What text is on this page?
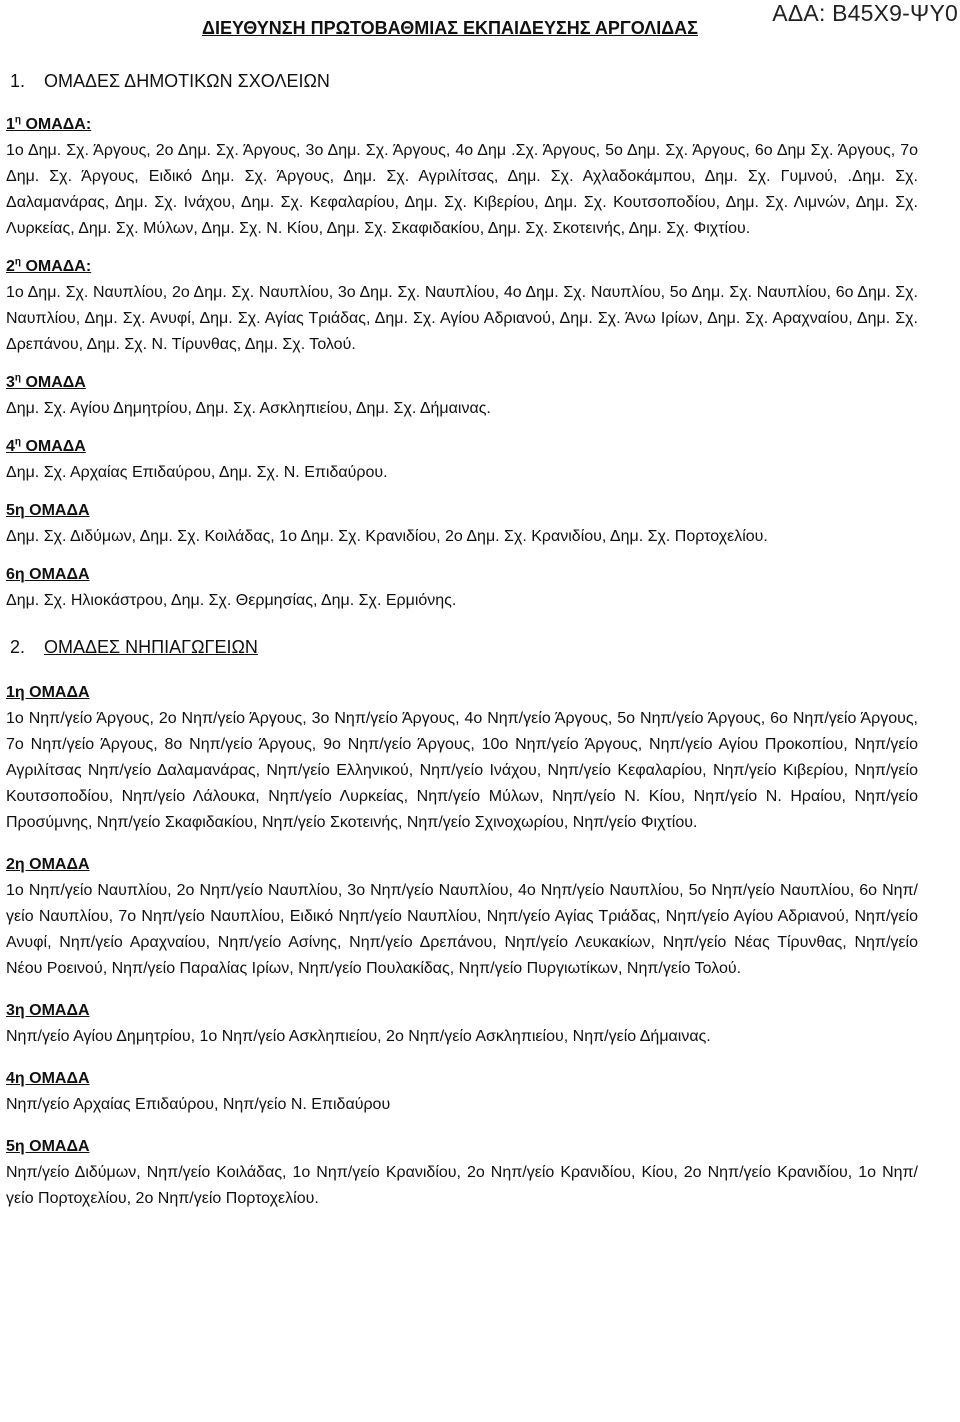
ΑΔΑ: Β45Χ9-ΨΥ0
ΔΙΕΥΘΥΝΣΗ ΠΡΩΤΟΒΑΘΜΙΑΣ ΕΚΠΑΙΔΕΥΣΗΣ ΑΡΓΟΛΙΔΑΣ
1.	ΟΜΑΔΕΣ ΔΗΜΟΤΙΚΩΝ ΣΧΟΛΕΙΩΝ
$1^\eta$ ΟΜΑΔΑ:
1ο Δημ. Σχ. Άργους, 2ο Δημ. Σχ. Άργους, 3ο Δημ. Σχ. Άργους, 4ο Δημ .Σχ. Άργους, 5ο Δημ. Σχ. Άργους, 6ο Δημ Σχ. Άργους, 7ο Δημ. Σχ. Άργους, Ειδικό Δημ. Σχ. Άργους, Δημ. Σχ. Αγριλίτσας, Δημ. Σχ. Αχλαδοκάμπου, Δημ. Σχ. Γυμνού, .Δημ. Σχ. Δαλαμανάρας, Δημ. Σχ. Ινάχου, Δημ. Σχ. Κεφαλαρίου, Δημ. Σχ. Κιβερίου, Δημ. Σχ. Κουτσοποδίου, Δημ. Σχ. Λιμνών, Δημ. Σχ. Λυρκείας, Δημ. Σχ. Μύλων, Δημ. Σχ. Ν. Κίου, Δημ. Σχ. Σκαφιδακίου, Δημ. Σχ. Σκοτεινής, Δημ. Σχ. Φιχτίου.
$2^\eta$ ΟΜΑΔΑ:
1ο Δημ. Σχ. Ναυπλίου, 2ο Δημ. Σχ. Ναυπλίου, 3ο Δημ. Σχ. Ναυπλίου, 4ο Δημ. Σχ. Ναυπλίου, 5ο Δημ. Σχ. Ναυπλίου, 6ο Δημ. Σχ. Ναυπλίου, Δημ. Σχ. Ανυφί, Δημ. Σχ. Αγίας Τριάδας, Δημ. Σχ. Αγίου Αδριανού, Δημ. Σχ. Άνω Ιρίων, Δημ. Σχ. Αραχναίου, Δημ. Σχ. Δρεπάνου, Δημ. Σχ. Ν. Τίρυνθας, Δημ. Σχ. Τολού.
$3^\eta$ ΟΜΑΔΑ
Δημ. Σχ. Αγίου Δημητρίου, Δημ. Σχ. Ασκληπιείου, Δημ. Σχ. Δήμαινας.
$4^\eta$ ΟΜΑΔΑ
Δημ. Σχ. Αρχαίας Επιδαύρου, Δημ. Σχ. Ν. Επιδαύρου.
5η ΟΜΑΔΑ
Δημ. Σχ. Διδύμων, Δημ. Σχ. Κοιλάδας, 1ο Δημ. Σχ. Κρανιδίου, 2ο Δημ. Σχ. Κρανιδίου, Δημ. Σχ. Πορτοχελίου.
6η ΟΜΑΔΑ
Δημ. Σχ. Ηλιοκάστρου, Δημ. Σχ. Θερμησίας, Δημ. Σχ. Ερμιόνης.
2.	ΟΜΑΔΕΣ ΝΗΠΙΑΓΩΓΕΙΩΝ
1η ΟΜΑΔΑ
1ο Νηπ/γείο Άργους, 2ο Νηπ/γείο Άργους, 3ο Νηπ/γείο Άργους, 4ο Νηπ/γείο Άργους, 5ο Νηπ/γείο Άργους, 6ο Νηπ/γείο Άργους, 7ο Νηπ/γείο Άργους, 8ο Νηπ/γείο Άργους, 9ο Νηπ/γείο Άργους, 10ο Νηπ/γείο Άργους, Νηπ/γείο Αγίου Προκοπίου, Νηπ/γείο Αγριλίτσας Νηπ/γείο Δαλαμανάρας, Νηπ/γείο Ελληνικού, Νηπ/γείο Ινάχου, Νηπ/γείο Κεφαλαρίου, Νηπ/γείο Κιβερίου, Νηπ/γείο Κουτσοποδίου, Νηπ/γείο Λάλουκα, Νηπ/γείο Λυρκείας, Νηπ/γείο Μύλων, Νηπ/γείο Ν. Κίου, Νηπ/γείο Ν. Ηραίου, Νηπ/γείο Προσύμνης, Νηπ/γείο Σκαφιδακίου, Νηπ/γείο Σκοτεινής, Νηπ/γείο Σχινοχωρίου, Νηπ/γείο Φιχτίου.
2η ΟΜΑΔΑ
1ο Νηπ/γείο Ναυπλίου, 2ο Νηπ/γείο Ναυπλίου, 3ο Νηπ/γείο Ναυπλίου, 4ο Νηπ/γείο Ναυπλίου, 5ο Νηπ/γείο Ναυπλίου, 6ο Νηπ/γείο Ναυπλίου, 7ο Νηπ/γείο Ναυπλίου, Ειδικό Νηπ/γείο Ναυπλίου, Νηπ/γείο Αγίας Τριάδας, Νηπ/γείο Αγίου Αδριανού, Νηπ/γείο Ανυφί, Νηπ/γείο Αραχναίου, Νηπ/γείο Ασίνης, Νηπ/γείο Δρεπάνου, Νηπ/γείο Λευκακίων, Νηπ/γείο Νέας Τίρυνθας, Νηπ/γείο Νέου Ροεινού, Νηπ/γείο Παραλίας Ιρίων, Νηπ/γείο Πουλακίδας, Νηπ/γείο Πυργιωτίκων, Νηπ/γείο Τολού.
3η ΟΜΑΔΑ
Νηπ/γείο Αγίου Δημητρίου, 1ο Νηπ/γείο Ασκληπιείου, 2ο Νηπ/γείο Ασκληπιείου, Νηπ/γείο Δήμαινας.
4η ΟΜΑΔΑ
Νηπ/γείο Αρχαίας Επιδαύρου, Νηπ/γείο Ν. Επιδαύρου
5η ΟΜΑΔΑ
Νηπ/γείο Διδύμων, Νηπ/γείο Κοιλάδας, 1ο Νηπ/γείο Κρανιδίου, 2ο Νηπ/γείο Κρανιδίου, Κίου, 2ο Νηπ/γείο Κρανιδίου, 1ο Νηπ/γείο Πορτοχελίου, 2ο Νηπ/γείο Πορτοχελίου.
